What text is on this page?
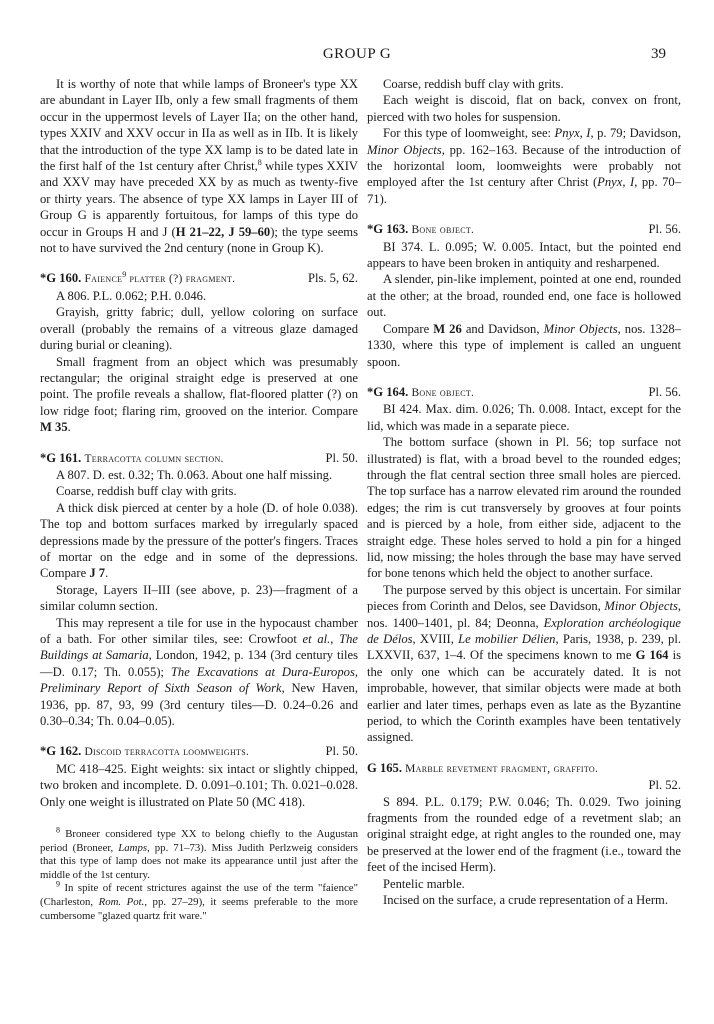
GROUP G	39

It is worthy of note that while lamps of Broneer's type XX are abundant in Layer IIb, only a few small fragments of them occur in the uppermost levels of Layer IIa; on the other hand, types XXIV and XXV occur in IIa as well as in IIb. It is likely that the introduction of the type XX lamp is to be dated late in the first half of the 1st century after Christ,$^8$ while types XXIV and XXV may have preceded XX by as much as twenty-five or thirty years. The absence of type XX lamps in Layer III of Group G is apparently fortuitous, for lamps of this type do occur in Groups H and J (H 21–22, J 59–60); the type seems not to have survived the 2nd century (none in Group K).

*G 160. Faience$^9$ platter (?) fragment.	Pls. 5, 62.

A 806. P.L. 0.062; P.H. 0.046.

Grayish, gritty fabric; dull, yellow coloring on surface overall (probably the remains of a vitreous glaze damaged during burial or cleaning).

Small fragment from an object which was presumably rectangular; the original straight edge is preserved at one point. The profile reveals a shallow, flat-floored platter (?) on low ridge foot; flaring rim, grooved on the interior. Compare M 35.

*G 161. Terracotta column section.	Pl. 50.

A 807. D. est. 0.32; Th. 0.063. About one half missing.

Coarse, reddish buff clay with grits.

A thick disk pierced at center by a hole (D. of hole 0.038). The top and bottom surfaces marked by irregularly spaced depressions made by the pressure of the potter's fingers. Traces of mortar on the edge and in some of the depressions. Compare J 7.

Storage, Layers II–III (see above, p. 23)—fragment of a similar column section.

This may represent a tile for use in the hypocaust chamber of a bath. For other similar tiles, see: Crowfoot et al., The Buildings at Samaria, London, 1942, p. 134 (3rd century tiles—D. 0.17; Th. 0.055); The Excavations at Dura-Europos, Preliminary Report of Sixth Season of Work, New Haven, 1936, pp. 87, 93, 99 (3rd century tiles—D. 0.24–0.26 and 0.30–0.34; Th. 0.04–0.05).

*G 162. Discoid terracotta loomweights.	Pl. 50.

MC 418–425. Eight weights: six intact or slightly chipped, two broken and incomplete. D. 0.091–0.101; Th. 0.021–0.028. Only one weight is illustrated on Plate 50 (MC 418).

$^8$ Broneer considered type XX to belong chiefly to the Augustan period (Broneer, Lamps, pp. 71–73). Miss Judith Perlzweig considers that this type of lamp does not make its appearance until just after the middle of the 1st century.

$^9$ In spite of recent strictures against the use of the term "faience" (Charleston, Rom. Pot., pp. 27–29), it seems preferable to the more cumbersome "glazed quartz frit ware."

Coarse, reddish buff clay with grits.

Each weight is discoid, flat on back, convex on front, pierced with two holes for suspension.

For this type of loomweight, see: Pnyx, I, p. 79; Davidson, Minor Objects, pp. 162–163. Because of the introduction of the horizontal loom, loomweights were probably not employed after the 1st century after Christ (Pnyx, I, pp. 70–71).

*G 163. Bone object.	Pl. 56.

BI 374. L. 0.095; W. 0.005. Intact, but the pointed end appears to have been broken in antiquity and resharpened.

A slender, pin-like implement, pointed at one end, rounded at the other; at the broad, rounded end, one face is hollowed out.

Compare M 26 and Davidson, Minor Objects, nos. 1328–1330, where this type of implement is called an unguent spoon.

*G 164. Bone object.	Pl. 56.

BI 424. Max. dim. 0.026; Th. 0.008. Intact, except for the lid, which was made in a separate piece.

The bottom surface (shown in Pl. 56; top surface not illustrated) is flat, with a broad bevel to the rounded edges; through the flat central section three small holes are pierced. The top surface has a narrow elevated rim around the rounded edges; the rim is cut transversely by grooves at four points and is pierced by a hole, from either side, adjacent to the straight edge. These holes served to hold a pin for a hinged lid, now missing; the holes through the base may have served for bone tenons which held the object to another surface.

The purpose served by this object is uncertain. For similar pieces from Corinth and Delos, see Davidson, Minor Objects, nos. 1400–1401, pl. 84; Deonna, Exploration archéologique de Délos, XVIII, Le mobilier Délien, Paris, 1938, p. 239, pl. LXXVII, 637, 1–4. Of the specimens known to me G 164 is the only one which can be accurately dated. It is not improbable, however, that similar objects were made at both earlier and later times, perhaps even as late as the Byzantine period, to which the Corinth examples have been tentatively assigned.

G 165. Marble revetment fragment, graffito.

Pl. 52.

S 894. P.L. 0.179; P.W. 0.046; Th. 0.029. Two joining fragments from the rounded edge of a revetment slab; an original straight edge, at right angles to the rounded one, may be preserved at the lower end of the fragment (i.e., toward the feet of the incised Herm).

Pentelic marble.

Incised on the surface, a crude representation of a Herm.
